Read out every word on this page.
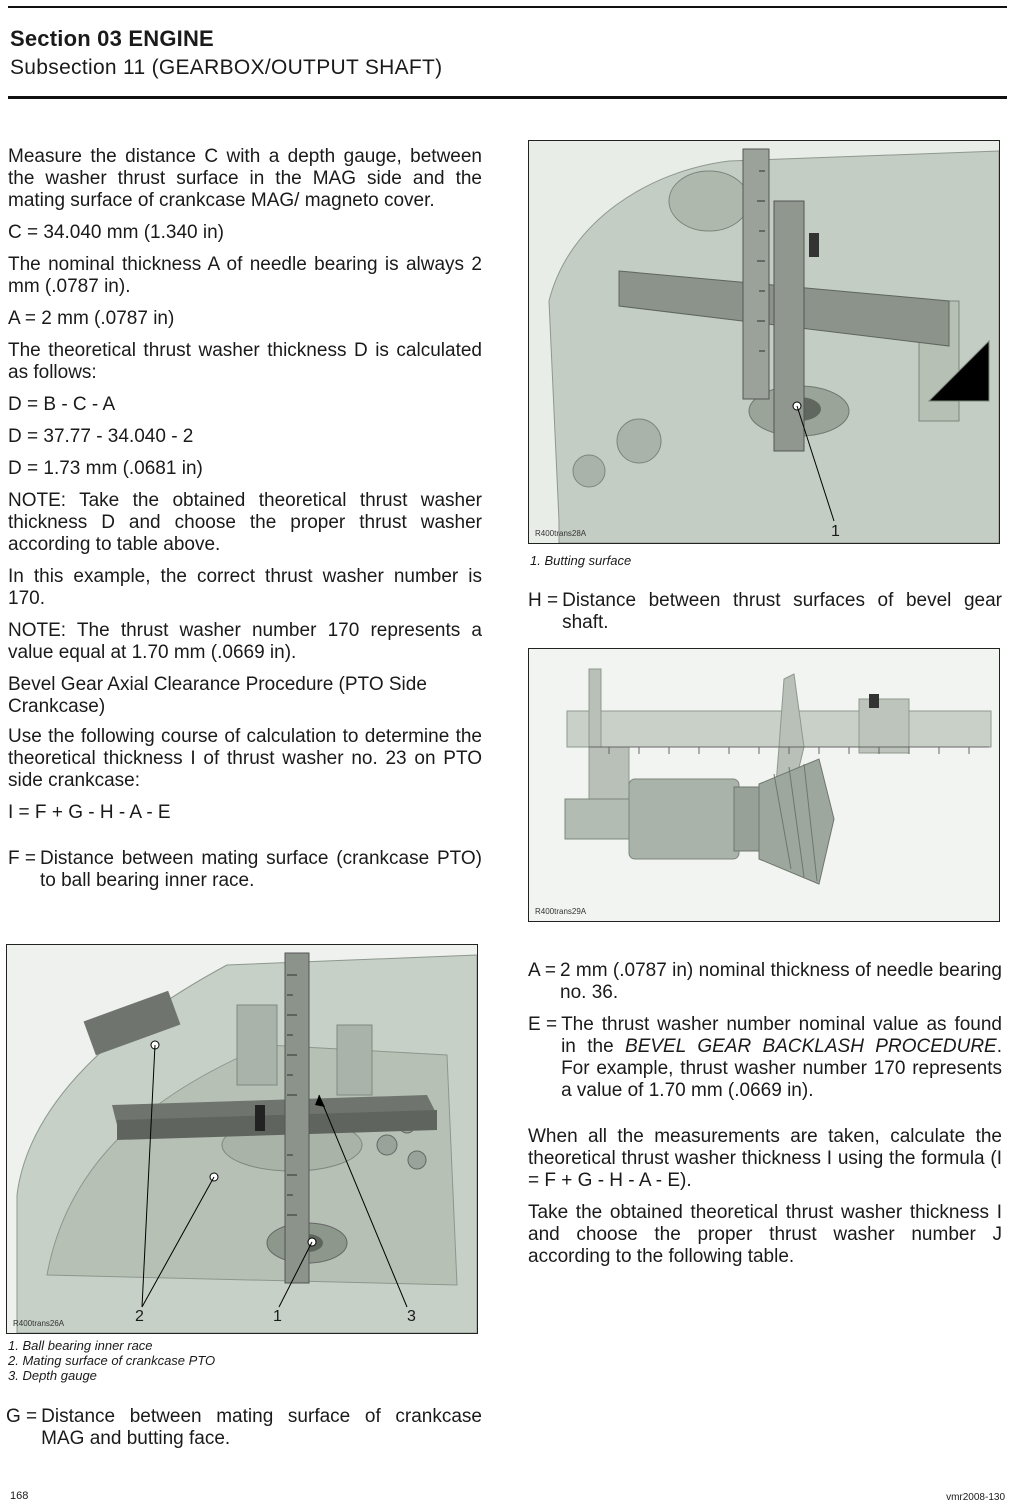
Section 03 ENGINE
Subsection 11 (GEARBOX/OUTPUT SHAFT)

Measure the distance C with a depth gauge, between the washer thrust surface in the MAG side and the mating surface of crankcase MAG/ magneto cover.

C = 34.040 mm (1.340 in)

The nominal thickness A of needle bearing is always 2 mm (.0787 in).

A = 2 mm (.0787 in)

The theoretical thrust washer thickness D is calculated as follows:

D = B - C - A

D = 37.77 - 34.040 - 2

D = 1.73 mm (.0681 in)

NOTE: Take the obtained theoretical thrust washer thickness D and choose the proper thrust washer according to table above.

In this example, the correct thrust washer number is 170.

NOTE: The thrust washer number 170 represents a value equal at 1.70 mm (.0669 in).

Bevel Gear Axial Clearance Procedure (PTO Side Crankcase)

Use the following course of calculation to determine the theoretical thickness I of thrust washer no. 23 on PTO side crankcase:

I = F + G - H - A - E

F = Distance between mating surface (crankcase PTO) to ball bearing inner race.
R400trans26A	2	1	3
1. Ball bearing inner race
2. Mating surface of crankcase PTO
3. Depth gauge
G = Distance between mating surface of crankcase MAG and butting face.
R400trans28A	1
1. Butting surface
H = Distance between thrust surfaces of bevel gear shaft.
R400trans29A
A = 2 mm (.0787 in) nominal thickness of needle bearing no. 36.
E = The thrust washer number nominal value as found in the BEVEL GEAR BACKLASH PROCEDURE. For example, thrust washer number 170 represents a value of 1.70 mm (.0669 in).

When all the measurements are taken, calculate the theoretical thrust washer thickness I using the formula (I = F + G - H - A - E).

Take the obtained theoretical thrust washer thickness I and choose the proper thrust washer number J according to the following table.

168	vmr2008-130
